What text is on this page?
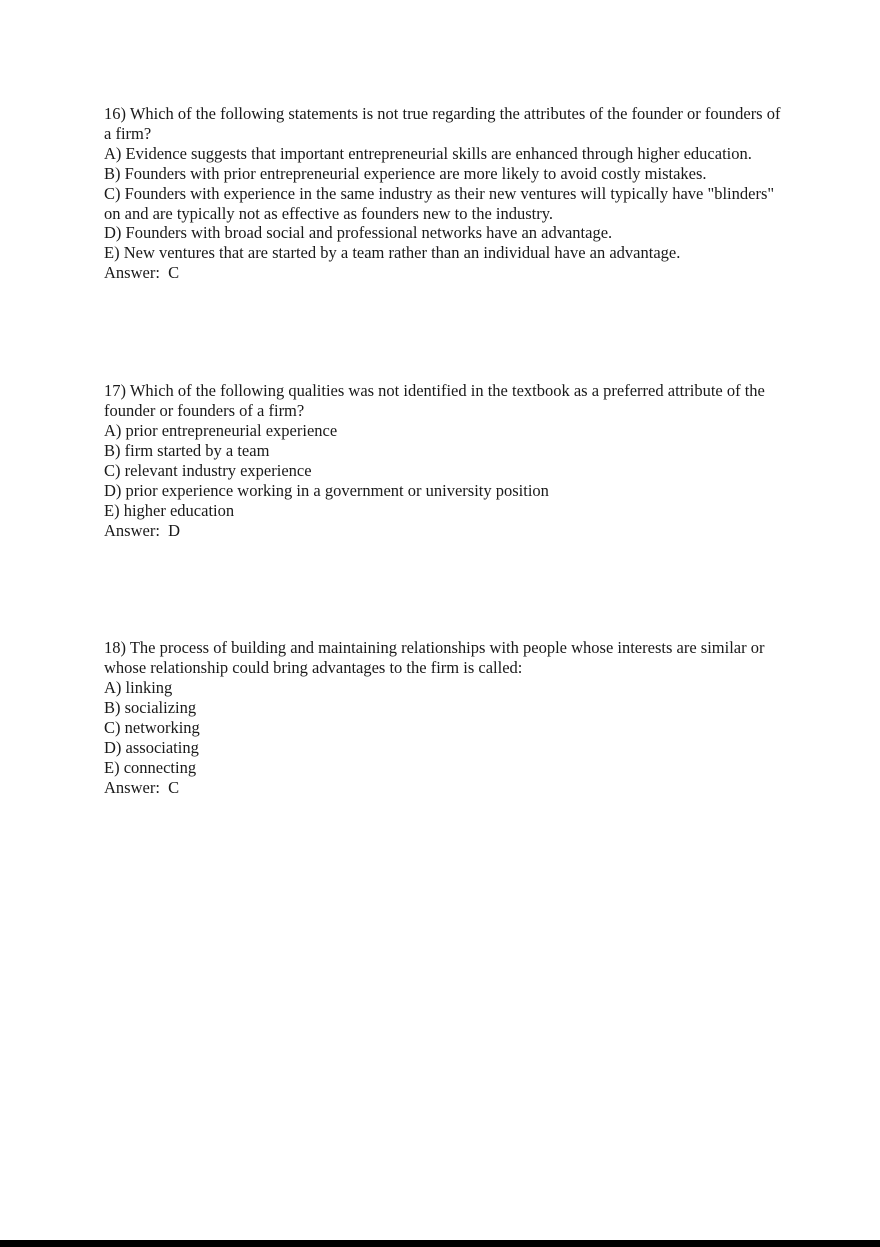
16) Which of the following statements is not true regarding the attributes of the founder or founders of a firm?

A) Evidence suggests that important entrepreneurial skills are enhanced through higher education.

B) Founders with prior entrepreneurial experience are more likely to avoid costly mistakes.

C) Founders with experience in the same industry as their new ventures will typically have "blinders" on and are typically not as effective as founders new to the industry.

D) Founders with broad social and professional networks have an advantage.

E) New ventures that are started by a team rather than an individual have an advantage.

Answer:  C

17) Which of the following qualities was not identified in the textbook as a preferred attribute of the founder or founders of a firm?

A) prior entrepreneurial experience

B) firm started by a team

C) relevant industry experience

D) prior experience working in a government or university position

E) higher education

Answer:  D

18) The process of building and maintaining relationships with people whose interests are similar or whose relationship could bring advantages to the firm is called:

A) linking

B) socializing

C) networking

D) associating

E) connecting

Answer:  C
